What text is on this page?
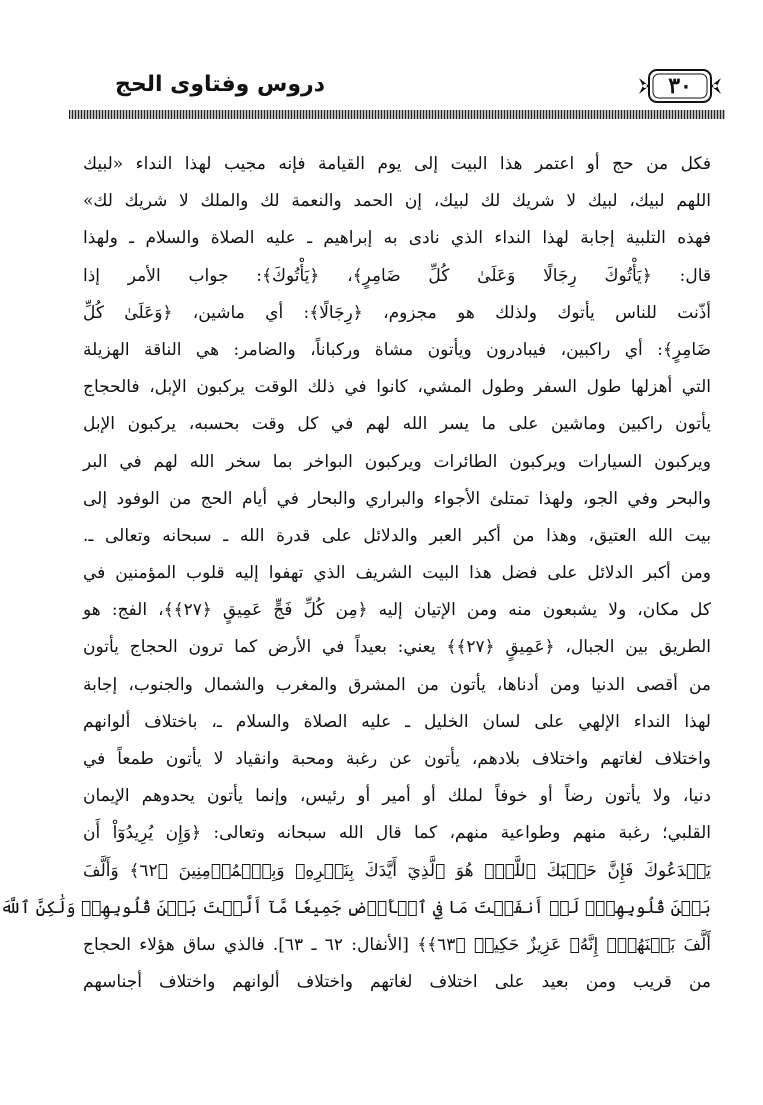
٣٠
دروس وفتاوى الحج
فكل من حج أو اعتمر هذا البيت إلى يوم القيامة فإنه مجيب لهذا النداء «لبيك
اللهم لبيك، لبيك لا شريك لك لبيك، إن الحمد والنعمة لك والملك لا شريك لك»
فهذه التلبية إجابة لهذا النداء الذي نادى به إبراهيم ـ عليه الصلاة والسلام ـ ولهذا
قال: ﴿يَأْتُوكَ رِجَالًا وَعَلَىٰ كُلِّ ضَامِرٍ﴾، ﴿يَأْتُوكَ﴾: جواب الأمر إذا
أذّنت للناس يأتوك ولذلك هو مجزوم، ﴿رِجَالًا﴾: أي ماشين، ﴿وَعَلَىٰ كُلِّ
ضَامِرٍ﴾: أي راكبين، فيبادرون ويأتون مشاة وركباناً، والضامر: هي الناقة الهزيلة
التي أهزلها طول السفر وطول المشي، كانوا في ذلك الوقت يركبون الإبل، فالحجاج
يأتون راكبين وماشين على ما يسر الله لهم في كل وقت بحسبه، يركبون الإبل
ويركبون السيارات ويركبون الطائرات ويركبون البواخر بما سخر الله لهم في البر
والبحر وفي الجو، ولهذا تمتلئ الأجواء والبراري والبحار في أيام الحج من الوفود إلى
بيت الله العتيق، وهذا من أكبر العبر والدلائل على قدرة الله ـ سبحانه وتعالى ـ.
ومن أكبر الدلائل على فضل هذا البيت الشريف الذي تهفوا إليه قلوب المؤمنين في
كل مكان، ولا يشبعون منه ومن الإتيان إليه ﴿مِن كُلِّ فَجٍّ عَمِيقٍ ﴿٢٧﴾﴾، الفج: هو
الطريق بين الجبال، ﴿عَمِيقٍ ﴿٢٧﴾﴾ يعني: بعيداً في الأرض كما ترون الحجاج يأتون
من أقصى الدنيا ومن أدناها، يأتون من المشرق والمغرب والشمال والجنوب، إجابة
لهذا النداء الإلهي على لسان الخليل ـ عليه الصلاة والسلام ـ، باختلاف ألوانهم
واختلاف لغاتهم واختلاف بلادهم، يأتون عن رغبة ومحبة وانقياد لا يأتون طمعاً في
دنيا، ولا يأتون رضاً أو خوفاً لملك أو أمير أو رئيس، وإنما يأتون يحدوهم الإيمان
القلبي؛ رغبة منهم وطواعية منهم، كما قال الله سبحانه وتعالى: ﴿وَإِن يُرِيدُوٓاْ أَن
يَخۡدَعُوكَ فَإِنَّ حَسۡبَكَ ٱللَّهُۚ هُوَ ٱلَّذِيٓ أَيَّدَكَ بِنَصۡرِهِۦ وَبِٱلۡمُؤۡمِنِينَ ﴿٦٢﴾ وَأَلَّفَ
بَيۡنَ قُلُوبِهِمۡۚ لَوۡ أَنفَقۡتَ مَا فِي ٱلۡأَرۡضِ جَمِيعٗا مَّآ أَلَّفۡتَ بَيۡنَ قُلُوبِهِمۡ وَلَٰكِنَّ ٱللَّهَ
أَلَّفَ بَيۡنَهُمۡۚ إِنَّهُۥ عَزِيزٌ حَكِيمٞ ﴿٦٣﴾﴾ [الأنفال: ٦٢ ـ ٦٣]. فالذي ساق هؤلاء الحجاج
من قريب ومن بعيد على اختلاف لغاتهم واختلاف ألوانهم واختلاف أجناسهم
